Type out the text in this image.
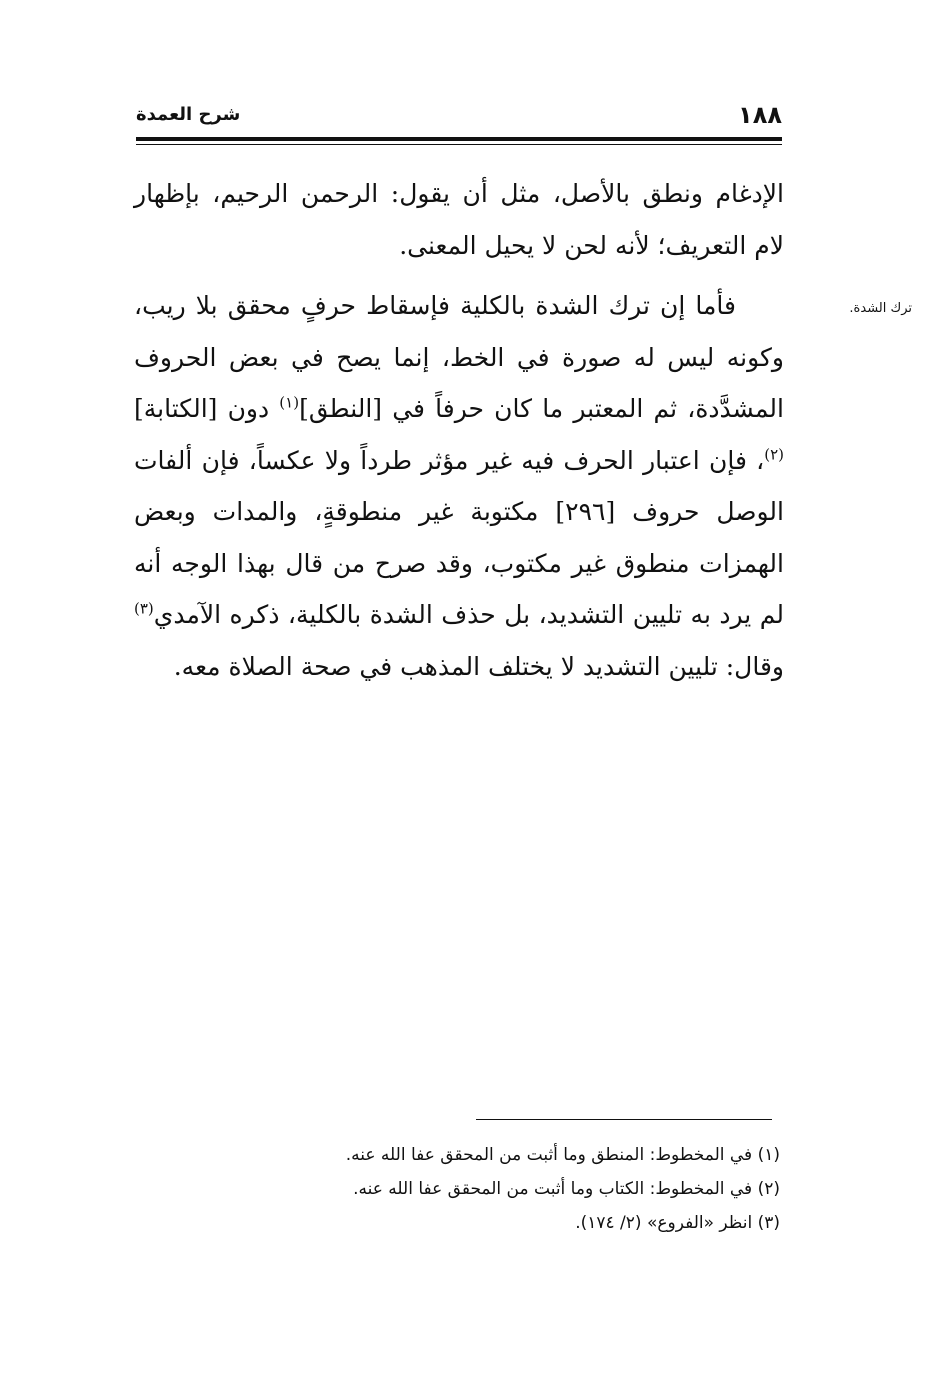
١٨٨
شرح العمدة
ترك الشدة.

الإدغام ونطق بالأصل، مثل أن يقول: الرحمن الرحيم، بإظهار لام التعريف؛ لأنه لحن لا يحيل المعنى.

فأما إن ترك الشدة بالكلية فإسقاط حرفٍ محقق بلا ريب، وكونه ليس له صورة في الخط، إنما يصح في بعض الحروف المشدَّدة، ثم المعتبر ما كان حرفاً في [النطق]$^{(١)}$ دون [الكتابة]$^{(٢)}$، فإن اعتبار الحرف فيه غير مؤثر طرداً ولا عكساً، فإن ألفات الوصل حروف [٢٩٦] مكتوبة غير منطوقةٍ، والمدات وبعض الهمزات منطوق غير مكتوب، وقد صرح من قال بهذا الوجه أنه لم يرد به تليين التشديد، بل حذف الشدة بالكلية، ذكره الآمدي$^{(٣)}$ وقال: تليين التشديد لا يختلف المذهب في صحة الصلاة معه.

(١) في المخطوط: المنطق وما أثبت من المحقق عفا الله عنه.
(٢) في المخطوط: الكتاب وما أثبت من المحقق عفا الله عنه.
(٣) انظر «الفروع» (٢/ ١٧٤).
